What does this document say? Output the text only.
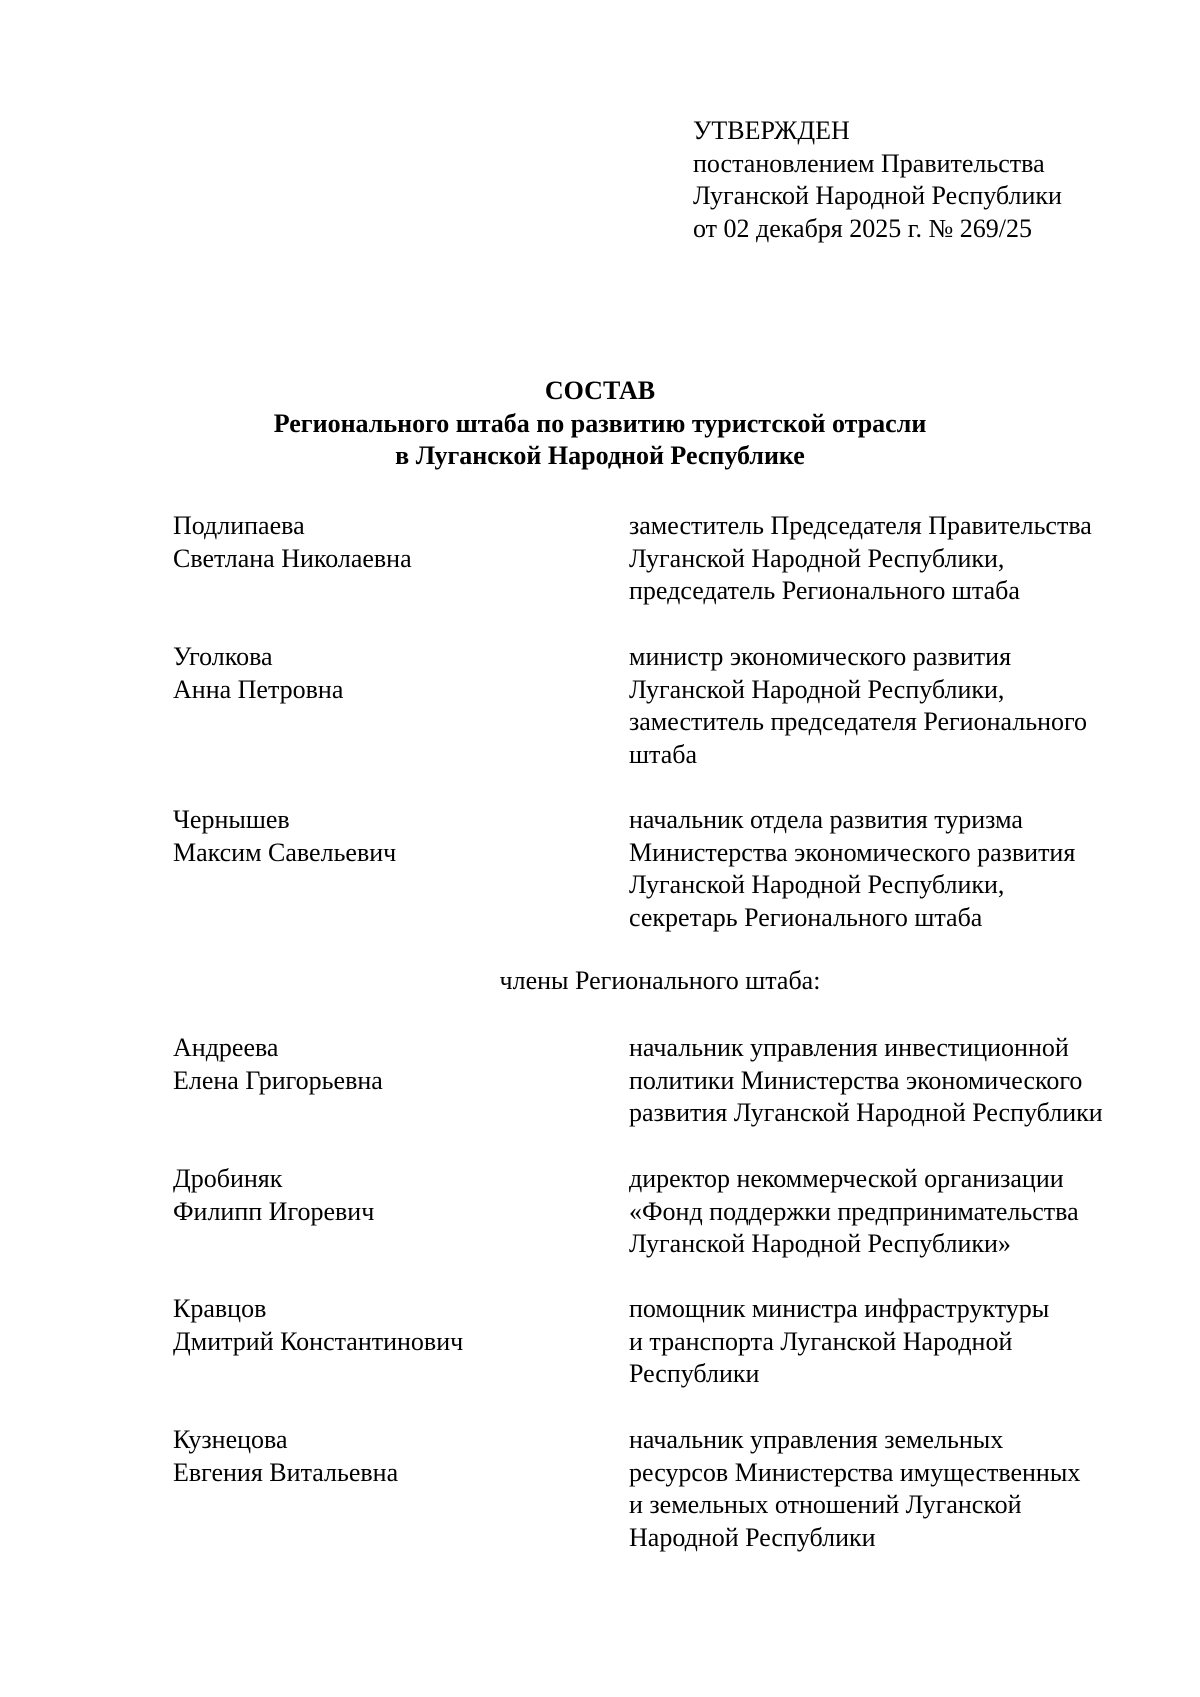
УТВЕРЖДЕН
постановлением Правительства
Луганской Народной Республики
от 02 декабря 2025 г. № 269/25
СОСТАВ
Регионального штаба по развитию туристской отрасли
в Луганской Народной Республике
Подлипаева
Светлана Николаевна
заместитель Председателя Правительства
Луганской Народной Республики,
председатель Регионального штаба
Уголкова
Анна Петровна
министр экономического развития
Луганской Народной Республики,
заместитель председателя Регионального
штаба
Чернышев
Максим Савельевич
начальник отдела развития туризма
Министерства экономического развития
Луганской Народной Республики,
секретарь Регионального штаба
члены Регионального штаба:
Андреева
Елена Григорьевна
начальник управления инвестиционной
политики Министерства экономического
развития Луганской Народной Республики
Дробиняк
Филипп Игоревич
директор некоммерческой организации
«Фонд поддержки предпринимательства
Луганской Народной Республики»
Кравцов
Дмитрий Константинович
помощник министра инфраструктуры
и транспорта Луганской Народной
Республики
Кузнецова
Евгения Витальевна
начальник управления земельных
ресурсов Министерства имущественных
и земельных отношений Луганской
Народной Республики
